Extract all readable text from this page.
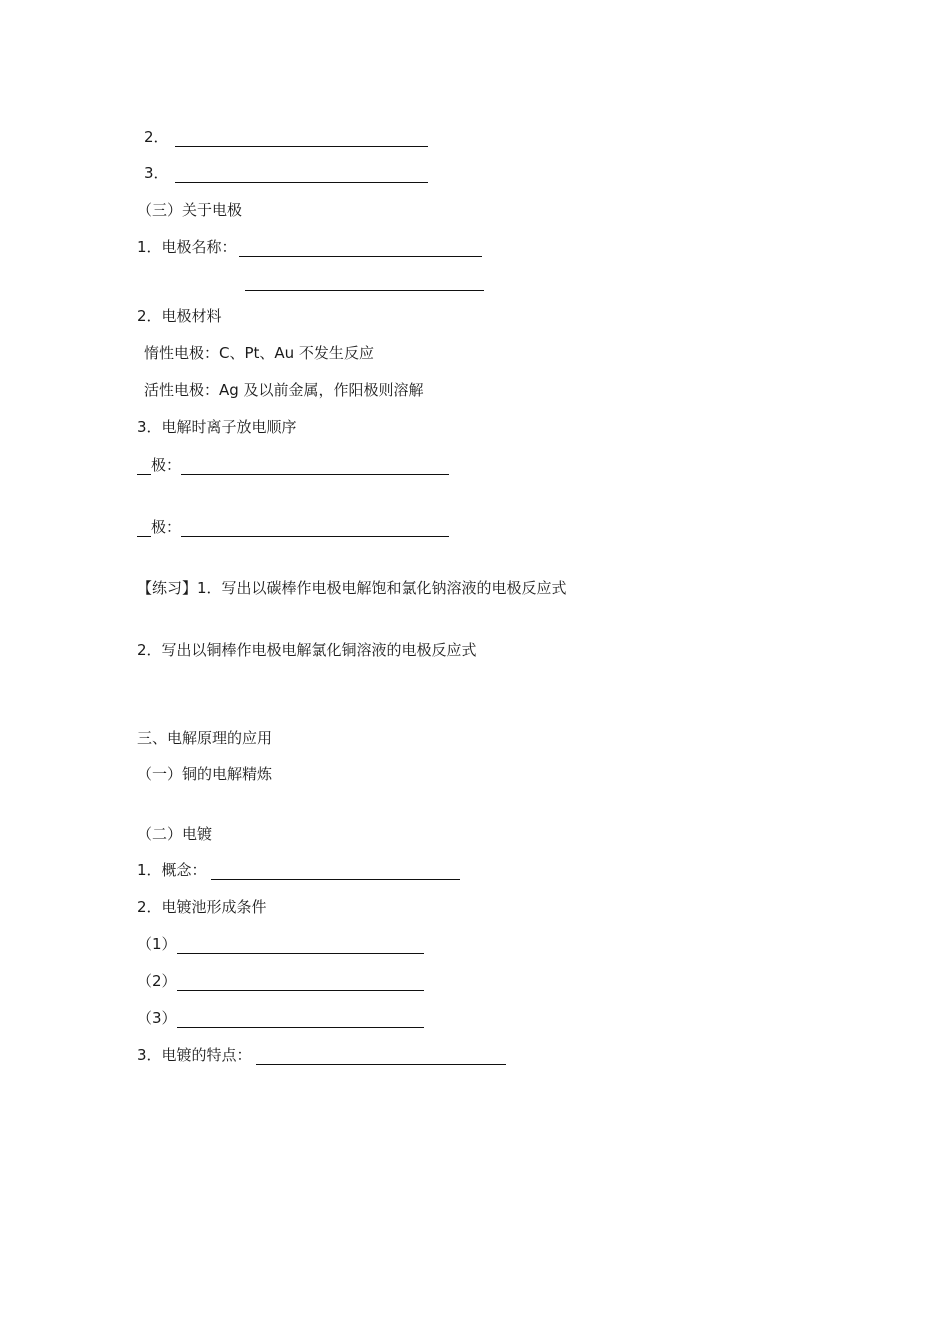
2．
3．
（三）关于电极
1．电极名称：
2．电极材料
惰性电极：C、Pt、Au 不发生反应
活性电极：Ag 及以前金属，作阳极则溶解
3．电解时离子放电顺序
极：
极：
【练习】1．写出以碳棒作电极电解饱和氯化钠溶液的电极反应式
2．写出以铜棒作电极电解氯化铜溶液的电极反应式
三、电解原理的应用
（一）铜的电解精炼
（二）电镀
1．概念：
2．电镀池形成条件
（1）
（2）
（3）
3．电镀的特点：
